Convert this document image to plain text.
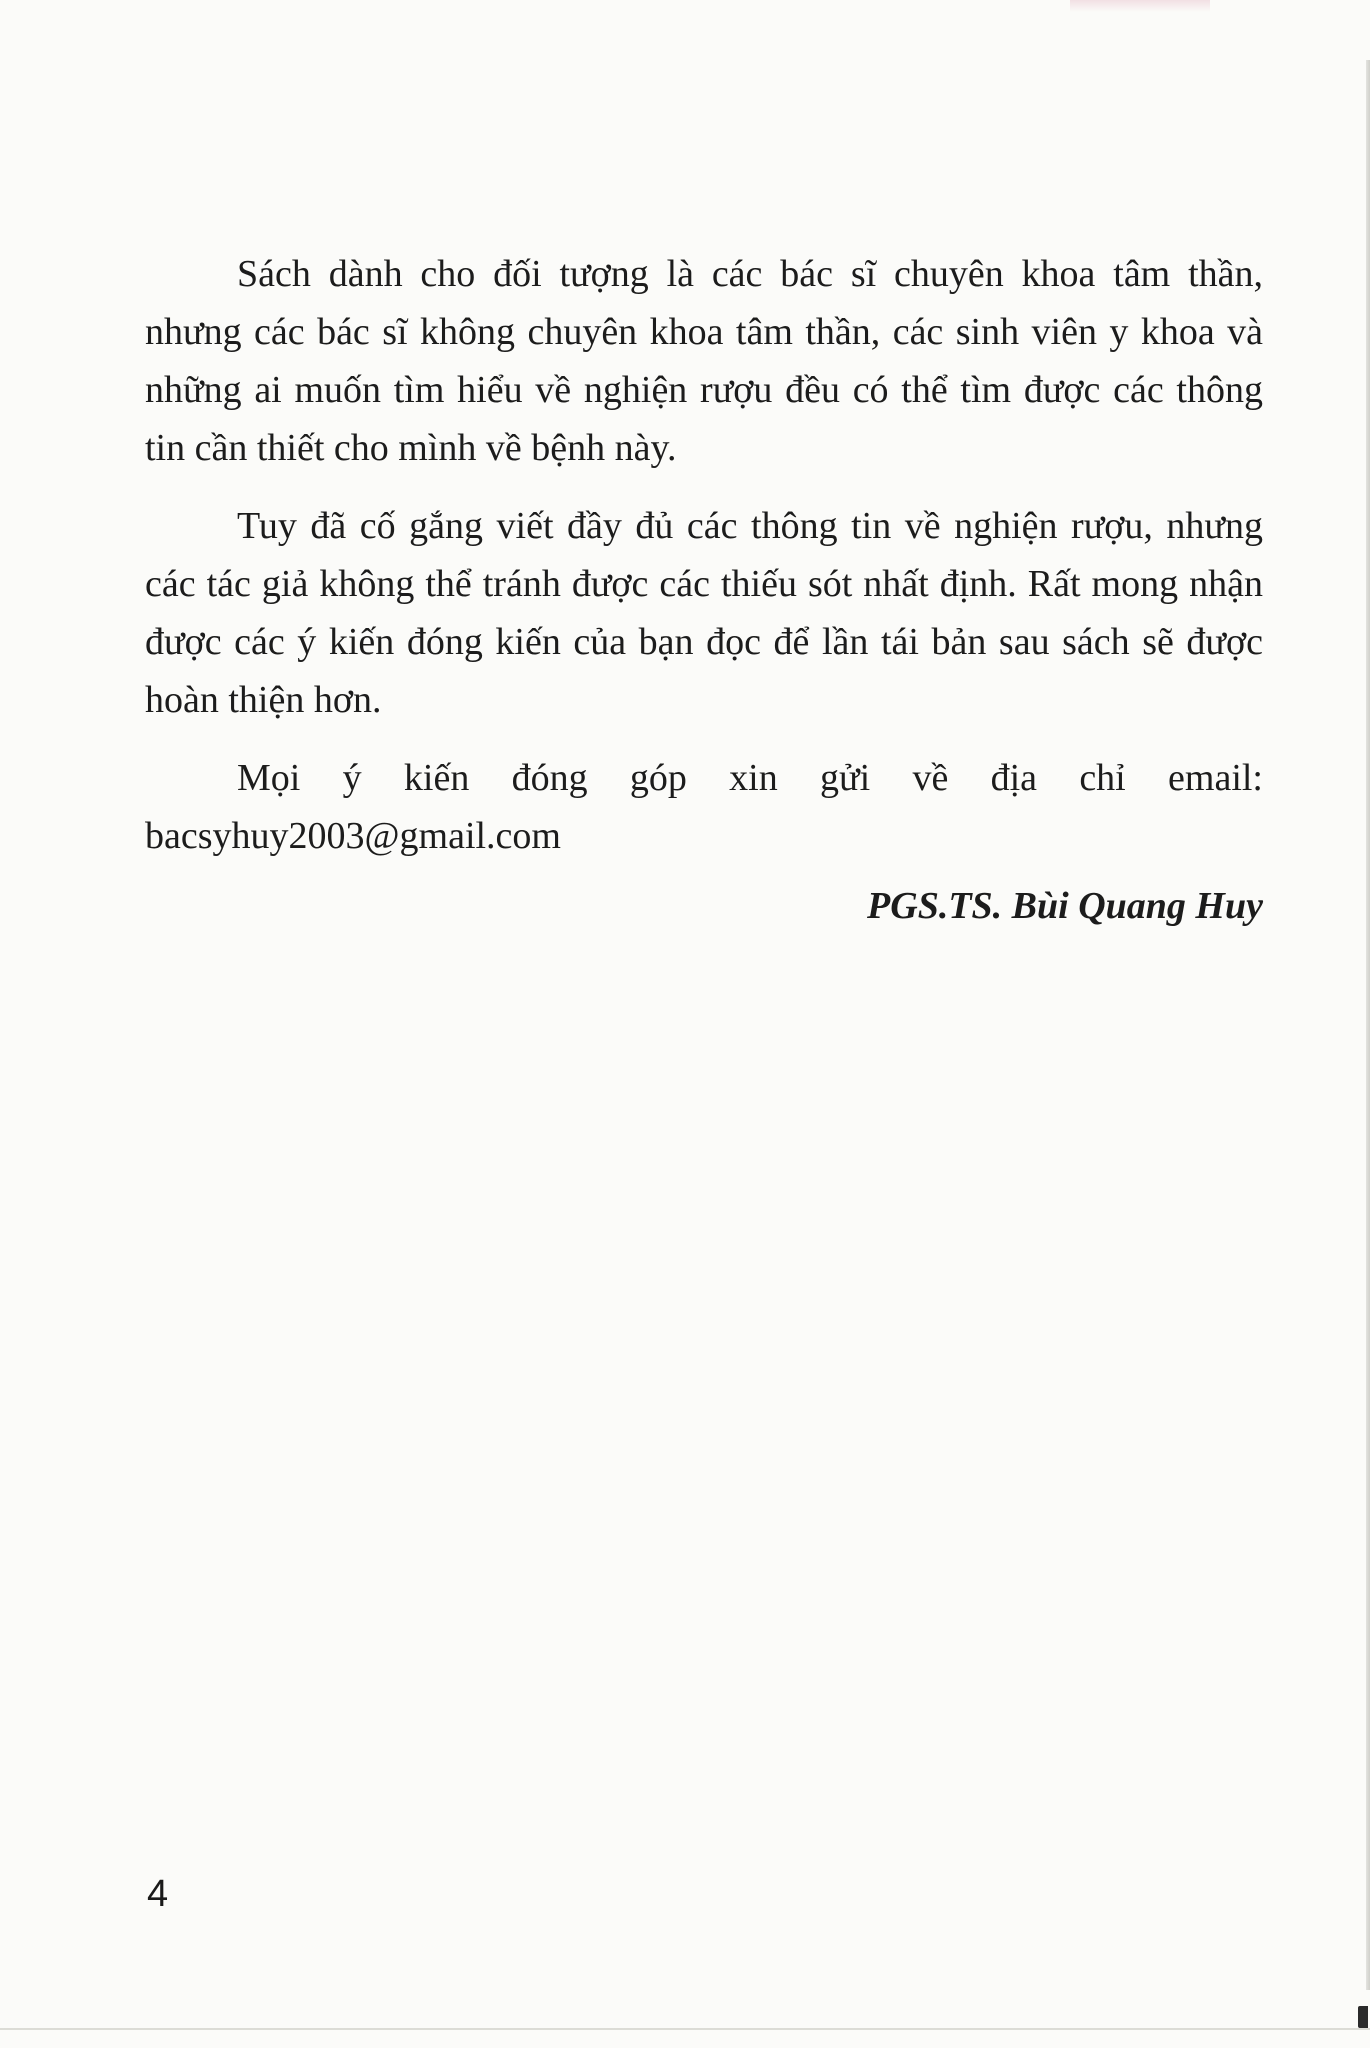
Sách dành cho đối tượng là các bác sĩ chuyên khoa tâm thần, nhưng các bác sĩ không chuyên khoa tâm thần, các sinh viên y khoa và những ai muốn tìm hiểu về nghiện rượu đều có thể tìm được các thông tin cần thiết cho mình về bệnh này.

Tuy đã cố gắng viết đầy đủ các thông tin về nghiện rượu, nhưng các tác giả không thể tránh được các thiếu sót nhất định. Rất mong nhận được các ý kiến đóng kiến của bạn đọc để lần tái bản sau sách sẽ được hoàn thiện hơn.

Mọi ý kiến đóng góp xin gửi về địa chỉ email:

bacsyhuy2003@gmail.com

PGS.TS. Bùi Quang Huy

4
